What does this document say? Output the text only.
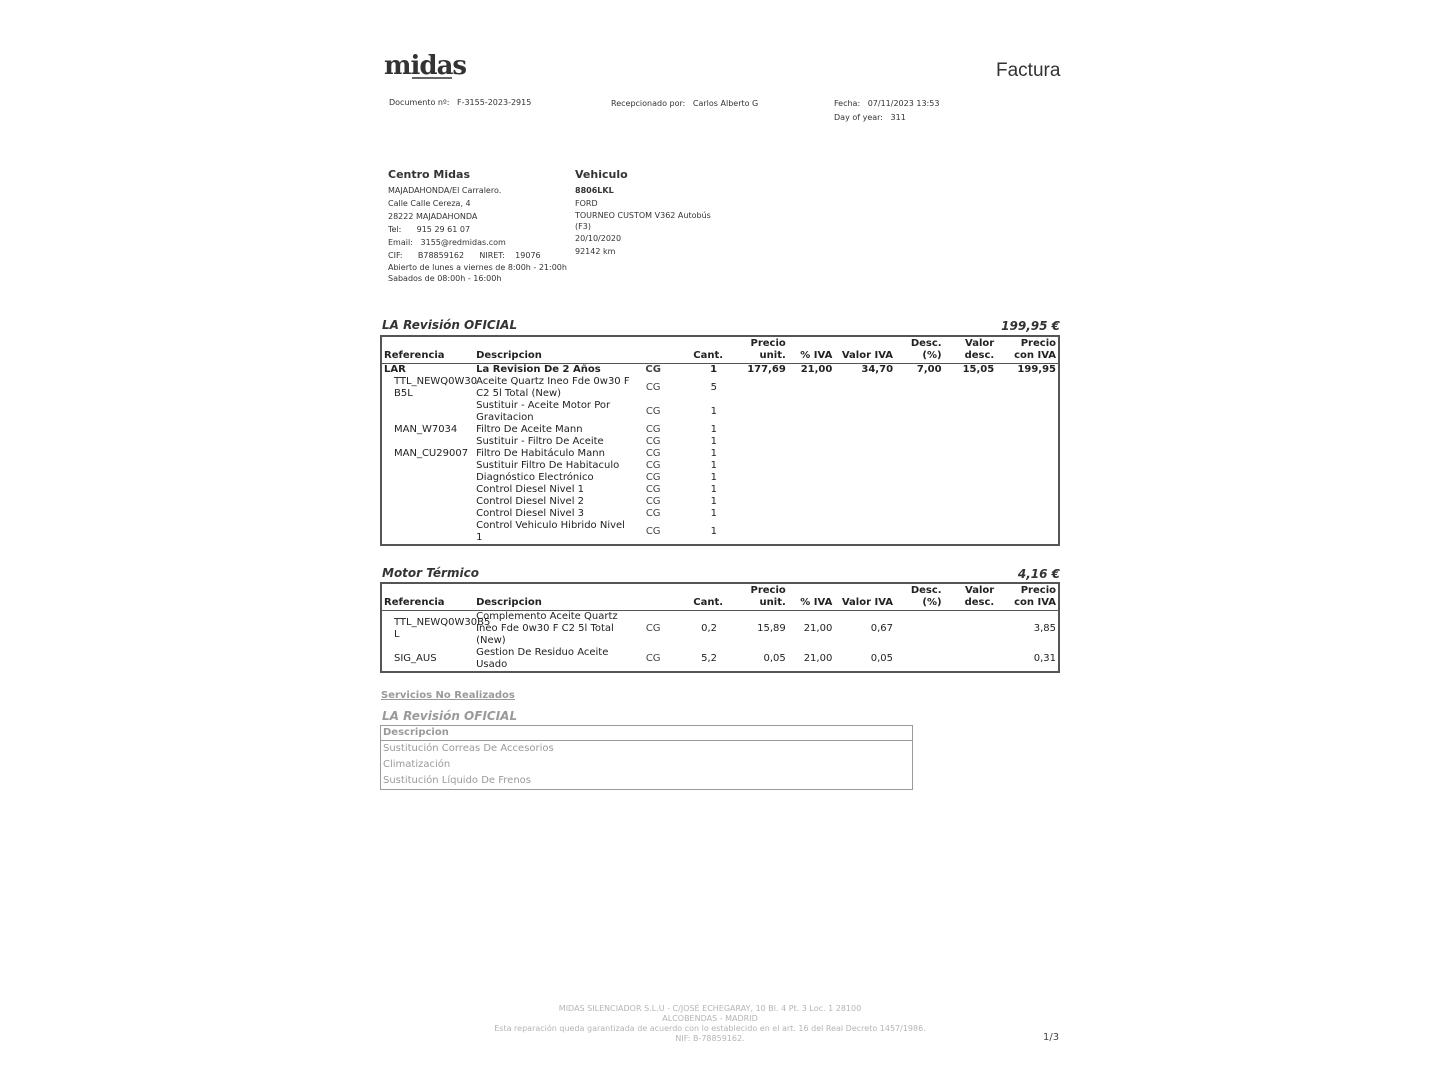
midas	Factura
Documento nº: F-3155-2023-2915	Recepcionado por: Carlos Alberto G	Fecha: 07/11/2023 13:53
Day of year: 311
Centro Midas
MAJADAHONDA/El Carralero.
Calle Calle Cereza, 4
28222 MAJADAHONDA
Tel:      915 29 61 07
Email:   3155@redmidas.com
CIF:      B78859162      NIRET:    19076
Abierto de lunes a viernes de 8:00h - 21:00h
Sabados de 08:00h - 16:00h
Vehiculo
8806LKL
FORD
TOURNEO CUSTOM V362 Autobús
(F3)
20/10/2020
92142 km
LA Revisión OFICIAL	199,95 €
Referencia	Descripcion		Cant.	Precio unit.	% IVA	Valor IVA	Desc. (%)	Valor desc.	Precio con IVA
LAR	La Revision De 2 Años	CG	1	177,69	21,00	34,70	7,00	15,05	199,95
TTL_NEWQ0W30 B5L	Aceite Quartz Ineo Fde 0w30 F C2 5l Total (New)	CG	5						
	Sustituir - Aceite Motor Por Gravitacion	CG	1						
MAN_W7034	Filtro De Aceite Mann	CG	1						
	Sustituir - Filtro De Aceite	CG	1						
MAN_CU29007	Filtro De Habitáculo Mann	CG	1						
	Sustituir Filtro De Habitaculo	CG	1						
	Diagnóstico Electrónico	CG	1						
	Control Diesel Nivel 1	CG	1						
	Control Diesel Nivel 2	CG	1						
	Control Diesel Nivel 3	CG	1						
	Control Vehiculo Hibrido Nivel 1	CG	1						
Motor Térmico	4,16 €
Referencia	Descripcion		Cant.	Precio unit.	% IVA	Valor IVA	Desc. (%)	Valor desc.	Precio con IVA
TTL_NEWQ0W30B5 L	Complemento Aceite Quartz Ineo Fde 0w30 F C2 5l Total (New)	CG	0,2	15,89	21,00	0,67			3,85
SIG_AUS	Gestion De Residuo Aceite Usado	CG	5,2	0,05	21,00	0,05			0,31
Servicios No Realizados
LA Revisión OFICIAL
Descripcion
Sustitución Correas De Accesorios
Climatización
Sustitución Líquido De Frenos
MIDAS SILENCIADOR S.L.U - C/JOSÉ ECHEGARAY, 10 Bl. 4 Pt. 3 Loc. 1 28100
ALCOBENDAS - MADRID
Esta reparación queda garantizada de acuerdo con lo establecido en el art. 16 del Real Decreto 1457/1986.
NIF: B-78859162.	1/3
